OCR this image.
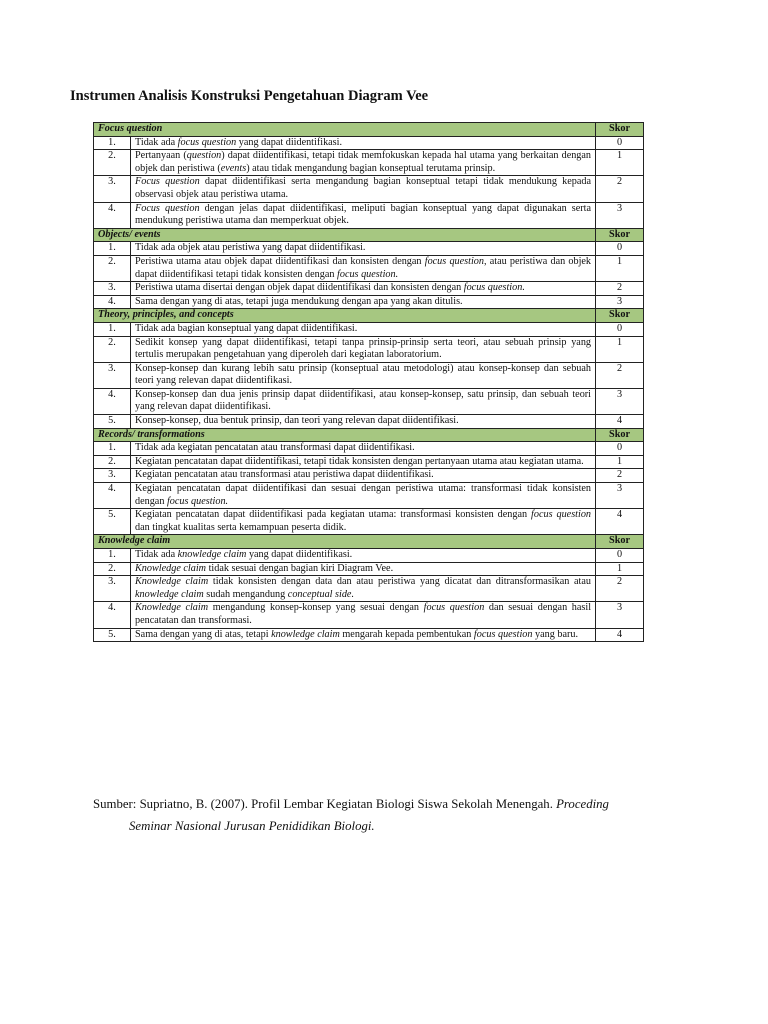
Instrumen Analisis Konstruksi Pengetahuan Diagram Vee
Focus question		Skor
1.	Tidak ada focus question yang dapat diidentifikasi.	0
2.	Pertanyaan (question) dapat diidentifikasi, tetapi tidak memfokuskan kepada hal utama yang berkaitan dengan objek dan peristiwa (events) atau tidak mengandung bagian konseptual terutama prinsip.	1
3.	Focus question dapat diidentifikasi serta mengandung bagian konseptual tetapi tidak mendukung kepada observasi objek atau peristiwa utama.	2
4.	Focus question dengan jelas dapat diidentifikasi, meliputi bagian konseptual yang dapat digunakan serta mendukung peristiwa utama dan memperkuat objek.	3
Objects/ events		Skor
1.	Tidak ada objek atau peristiwa yang dapat diidentifikasi.	0
2.	Peristiwa utama atau objek dapat diidentifikasi dan konsisten dengan focus question, atau peristiwa dan objek dapat diidentifikasi tetapi tidak konsisten dengan focus question.	1
3.	Peristiwa utama disertai dengan objek dapat diidentifikasi dan konsisten dengan focus question.	2
4.	Sama dengan yang di atas, tetapi juga mendukung dengan apa yang akan ditulis.	3
Theory, principles, and concepts		Skor
1.	Tidak ada bagian konseptual yang dapat diidentifikasi.	0
2.	Sedikit konsep yang dapat diidentifikasi, tetapi tanpa prinsip-prinsip serta teori, atau sebuah prinsip yang tertulis merupakan pengetahuan yang diperoleh dari kegiatan laboratorium.	1
3.	Konsep-konsep dan kurang lebih satu prinsip (konseptual atau metodologi) atau konsep-konsep dan sebuah teori yang relevan dapat diidentifikasi.	2
4.	Konsep-konsep dan dua jenis prinsip dapat diidentifikasi, atau konsep-konsep, satu prinsip, dan sebuah teori yang relevan dapat diidentifikasi.	3
5.	Konsep-konsep, dua bentuk prinsip, dan teori yang relevan dapat diidentifikasi.	4
Records/ transformations		Skor
1.	Tidak ada kegiatan pencatatan atau transformasi dapat diidentifikasi.	0
2.	Kegiatan pencatatan dapat diidentifikasi, tetapi tidak konsisten dengan pertanyaan utama atau kegiatan utama.	1
3.	Kegiatan pencatatan atau transformasi atau peristiwa dapat diidentifikasi.	2
4.	Kegiatan pencatatan dapat diidentifikasi dan sesuai dengan peristiwa utama: transformasi tidak konsisten dengan focus question.	3
5.	Kegiatan pencatatan dapat diidentifikasi pada kegiatan utama: transformasi konsisten dengan focus question dan tingkat kualitas serta kemampuan peserta didik.	4
Knowledge claim		Skor
1.	Tidak ada knowledge claim yang dapat diidentifikasi.	0
2.	Knowledge claim tidak sesuai dengan bagian kiri Diagram Vee.	1
3.	Knowledge claim tidak konsisten dengan data dan atau peristiwa yang dicatat dan ditransformasikan atau knowledge claim sudah mengandung conceptual side.	2
4.	Knowledge claim mengandung konsep-konsep yang sesuai dengan focus question dan sesuai dengan hasil pencatatan dan transformasi.	3
5.	Sama dengan yang di atas, tetapi knowledge claim mengarah kepada pembentukan focus question yang baru.	4
Sumber: Supriatno, B. (2007). Profil Lembar Kegiatan Biologi Siswa Sekolah Menengah. Proceding
Seminar Nasional Jurusan Penididikan Biologi.
